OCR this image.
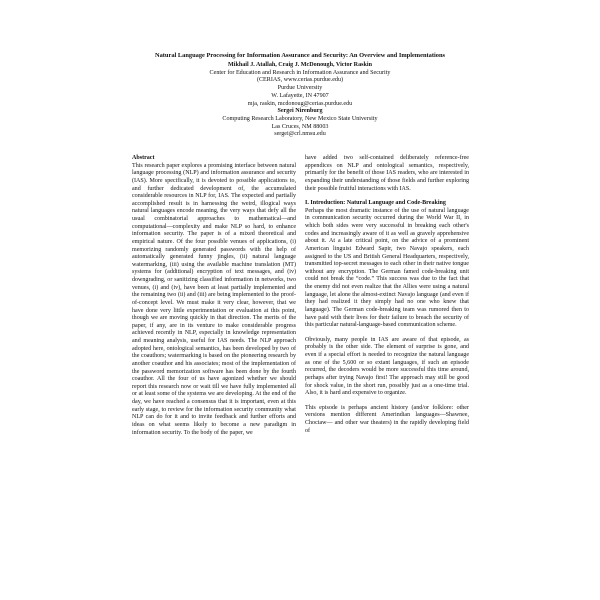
Natural Language Processing for Information Assurance and Security: An Overview and Implementations
Mikhail J. Atallah, Craig J. McDonough, Victor Raskin
Center for Education and Research in Information Assurance and Security
(CERIAS, www.cerias.purdue.edu)
Purdue University
W. Lafayette, IN 47907
mja, raskin, mcdonoug@cerias.purdue.edu
Sergei Nirenburg
Computing Research Laboratory, New Mexico State University
Las Cruces, NM 88003
sergei@crl.nmsu.edu

Abstract

This research paper explores a promising interface between natural language processing (NLP) and information assurance and security (IAS). More specifically, it is devoted to possible applications to, and further dedicated development of, the accumulated considerable resources in NLP for, IAS. The expected and partially accomplished result is in harnessing the weird, illogical ways natural languages encode meaning, the very ways that defy all the usual combinatorial approaches to mathematical—and computational—complexity and make NLP so hard, to enhance information security. The paper is of a mixed theoretical and empirical nature. Of the four possible venues of applications, (i) memorizing randomly generated passwords with the help of automatically generated funny jingles, (ii) natural language watermarking, (iii) using the available machine translation (MT) systems for (additional) encryption of text messages, and (iv) downgrading, or sanitizing classified information in networks, two venues, (i) and (iv), have been at least partially implemented and the remaining two (ii) and (iii) are being implemented to the proof-of-concept level. We must make it very clear, however, that we have done very little experimentation or evaluation at this point, though we are moving quickly in that direction. The merits of the paper, if any, are in its venture to make considerable progress achieved recently in NLP, especially in knowledge representation and meaning analysis, useful for IAS needs. The NLP approach adopted here, ontological semantics, has been developed by two of the coauthors; watermarking is based on the pioneering research by another coauthor and his associates; most of the implementation of the password memorization software has been done by the fourth coauthor. All the four of us have agonized whether we should report this research now or wait till we have fully implemented all or at least some of the systems we are developing. At the end of the day, we have reached a consensus that it is important, even at this early stage, to review for the information security community what NLP can do for it and to invite feedback and further efforts and ideas on what seems likely to become a new paradigm in information security. To the body of the paper, we

have added two self-contained deliberately reference-free appendices on NLP and ontological semantics, respectively, primarily for the benefit of those IAS readers, who are interested in expanding their understanding of those fields and further exploring their possible fruitful interactions with IAS.

I. Introduction: Natural Language and Code-Breaking

Perhaps the most dramatic instance of the use of natural language in communication security occurred during the World War II, in which both sides were very successful in breaking each other's codes and increasingly aware of it as well as gravely apprehensive about it. At a late critical point, on the advice of a prominent American linguist Edward Sapir, two Navajo speakers, each assigned to the US and British General Headquarters, respectively, transmitted top-secret messages to each other in their native tongue without any encryption. The German famed code-breaking unit could not break the “code.” This success was due to the fact that the enemy did not even realize that the Allies were using a natural language, let alone the almost-extinct Navajo language (and even if they had realized it they simply had no one who knew that language). The German code-breaking team was rumored then to have paid with their lives for their failure to breach the security of this particular natural-language-based communication scheme.

Obviously, many people in IAS are aware of that episode, as probably is the other side. The element of surprise is gone, and even if a special effort is needed to recognize the natural language as one of the 5,600 or so extant languages, if such an episode recurred, the decoders would be more successful this time around, perhaps after trying Navajo first! The approach may still be good for shock value, in the short run, possibly just as a one-time trial. Also, it is hard and expensive to organize.

This episode is perhaps ancient history (and/or folklore: other versions mention different Amerindian languages—Shawnee, Choctaw— and other war theaters) in the rapidly developing field of
